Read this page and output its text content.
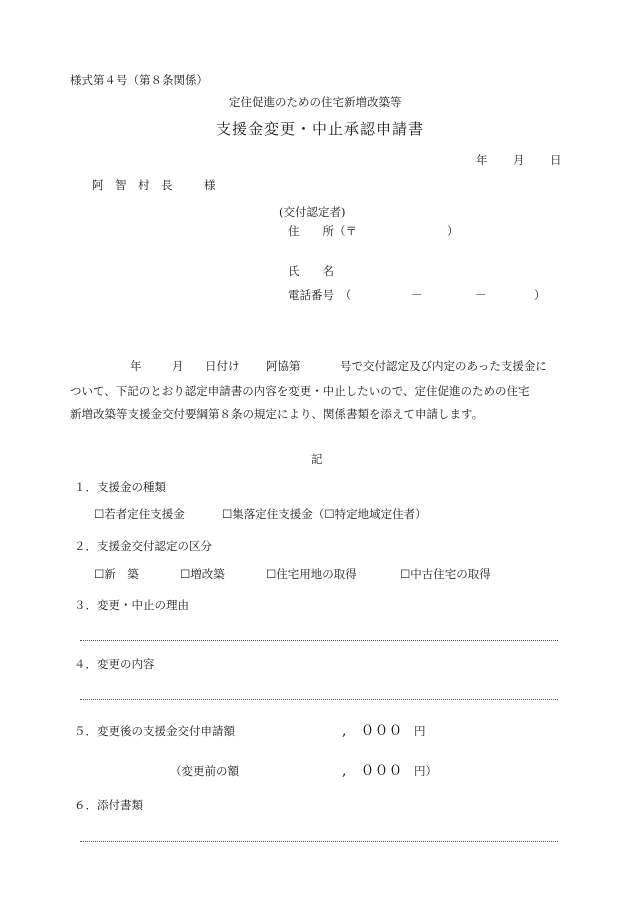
様式第４号（第８条関係）
定住促進のための住宅新増改築等
支援金変更・中止承認申請書
年 月 日
阿　智　村　長	様
(交付認定者)
住　　所（〒	）
氏　　名
電話番号　（	－	－	）
年	月 日付け 阿協第	号で交付認定及び内定のあった支援金に
ついて、下記のとおり認定申請書の内容を変更・中止したいので、定住促進のための住宅
新増改築等支援金交付要綱第８条の規定により、関係書類を添えて申請します。
記
１．支援金の種類
☐若者定住支援金	☐集落定住支援金（☐特定地域定住者）
２．支援金交付認定の区分
☐新　築	☐増改築	☐住宅用地の取得	☐中古住宅の取得
３．変更・中止の理由
４．変更の内容
５．変更後の支援金交付申請額	,　０００ 円
（変更前の額	,　０００ 円）
６．添付書類
